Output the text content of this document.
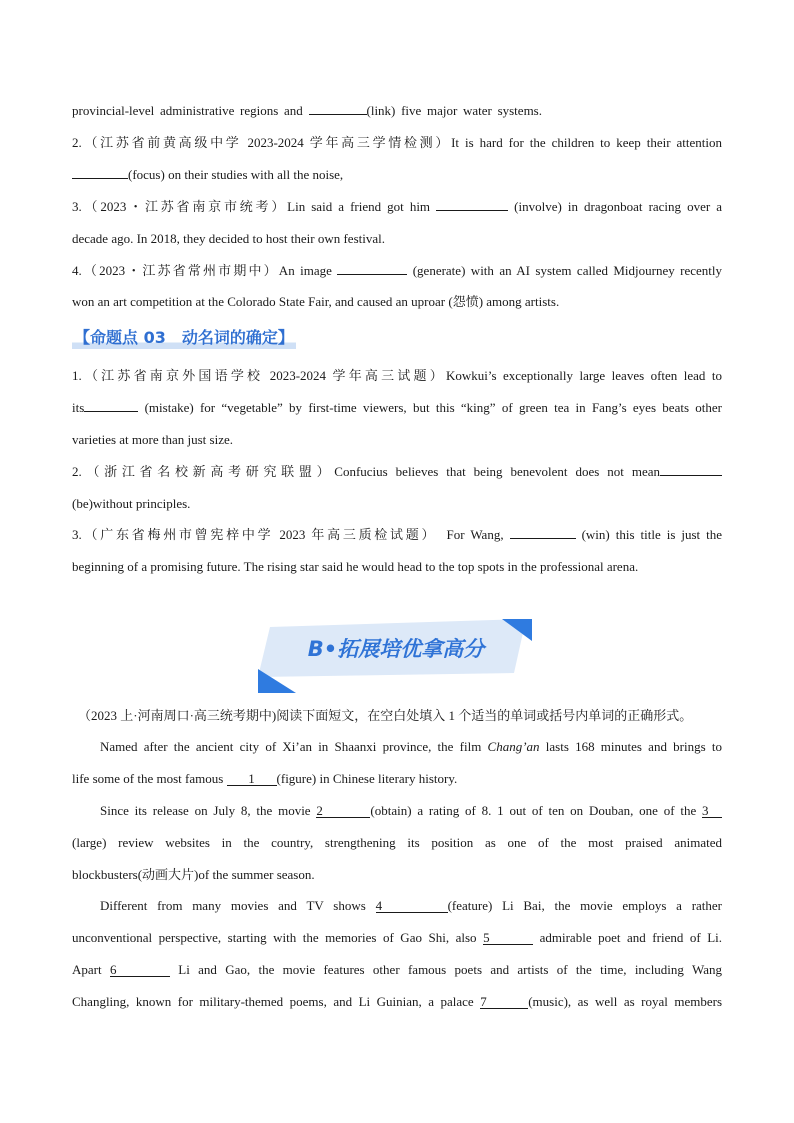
provincial-level administrative regions and	(link) five major water systems.
2.（江苏省前黄高级中学 2023-2024 学年高三学情检测）It is hard for the children to keep their attention
(focus) on their studies with all the noise,
3.（2023・江苏省南京市统考）Lin said a friend got him	(involve) in dragonboat racing over a
decade ago. In 2018, they decided to host their own festival.
4.（2023・江苏省常州市期中）An image	(generate) with an AI system called Midjourney recently
won an art competition at the Colorado State Fair, and caused an uproar (怨愤) among artists.
【命题点 03　动名词的确定】
1.（江苏省南京外国语学校 2023-2024 学年高三试题）Kowkui’s exceptionally large leaves often lead to
its	(mistake) for “vegetable” by first-time viewers, but this “king” of green tea in Fang’s eyes beats other
varieties at more than just size.
2.（浙江省名校新高考研究联盟）Confucius believes that being benevolent does not mean
(be)without principles.
3.（广东省梅州市曾宪梓中学 2023 年高三质检试题）　For Wang,	(win) this title is just the
beginning of a promising future. The rising star said he would head to the top spots in the professional arena.
B•拓展培优拿高分
（2023 上·河南周口·高三统考期中)阅读下面短文，在空白处填入 1 个适当的单词或括号内单词的正确形式。
Named after the ancient city of Xi’an in Shaanxi province, the film Chang’an lasts 168 minutes and brings to
life some of the most famous 1 (figure) in Chinese literary history.
Since its release on July 8, the movie 2	(obtain) a rating of 8. 1 out of ten on Douban, one of the 3
(large) review websites in the country, strengthening its position as one of the most praised animated
blockbusters(动画大片)of the summer season.
Different from many movies and TV shows 4	(feature) Li Bai, the movie employs a rather
unconventional perspective, starting with the memories of Gao Shi, also 5	admirable poet and friend of Li.
Apart 6	Li and Gao, the movie features other famous poets and artists of the time, including Wang
Changling, known for military-themed poems, and Li Guinian, a palace 7	(music), as well as royal members
